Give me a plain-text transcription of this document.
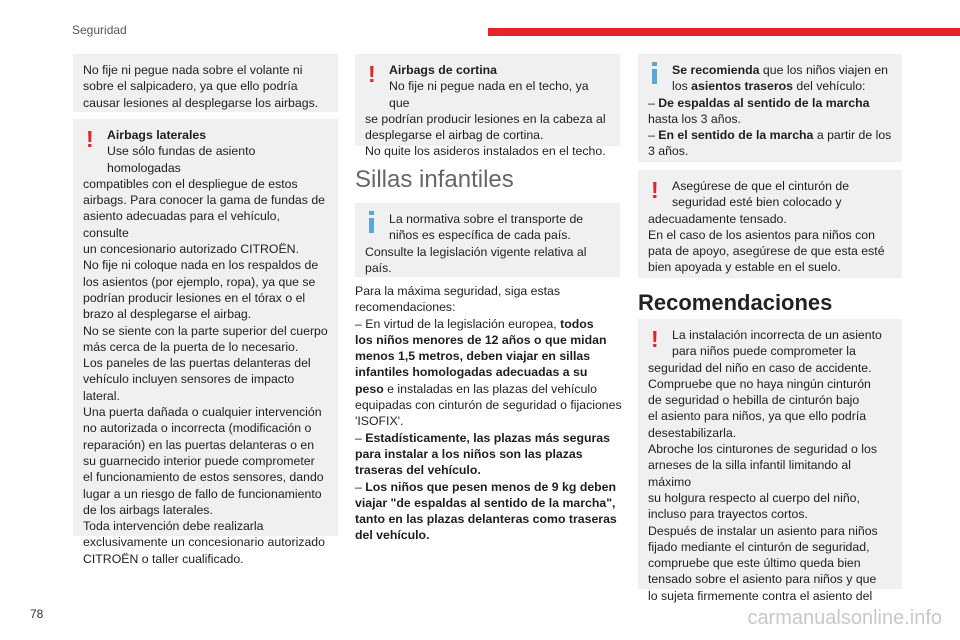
Seguridad

No fije ni pegue nada sobre el volante ni

sobre el salpicadero, ya que ello podría

causar lesiones al desplegarse los airbags.

!	Airbags laterales
Use sólo fundas de asiento homologadas

compatibles con el despliegue de estos

airbags. Para conocer la gama de fundas de

asiento adecuadas para el vehículo, consulte

un concesionario autorizado CITROËN.

No fije ni coloque nada en los respaldos de

los asientos (por ejemplo, ropa), ya que se

podrían producir lesiones en el tórax o el

brazo al desplegarse el airbag.

No se siente con la parte superior del cuerpo

más cerca de la puerta de lo necesario.

Los paneles de las puertas delanteras del

vehículo incluyen sensores de impacto

lateral.

Una puerta dañada o cualquier intervención

no autorizada o incorrecta (modificación o

reparación) en las puertas delanteras o en

su guarnecido interior puede comprometer

el funcionamiento de estos sensores, dando

lugar a un riesgo de fallo de funcionamiento

de los airbags laterales.

Toda intervención debe realizarla

exclusivamente un concesionario autorizado

CITROËN o taller cualificado.

!	Airbags de cortina
No fije ni pegue nada en el techo, ya que

se podrían producir lesiones en la cabeza al

desplegarse el airbag de cortina.

No quite los asideros instalados en el techo.

Sillas infantiles
La normativa sobre el transporte de
niños es específica de cada país.

Consulte la legislación vigente relativa al

país.

Para la máxima seguridad, siga estas

recomendaciones:

– En virtud de la legislación europea, todos

los niños menores de 12 años o que midan

menos 1,5 metros, deben viajar en sillas

infantiles homologadas adecuadas a su

peso e instaladas en las plazas del vehículo

equipadas con cinturón de seguridad o fijaciones

'ISOFIX'.

– Estadísticamente, las plazas más seguras

para instalar a los niños son las plazas

traseras del vehículo.

– Los niños que pesen menos de 9 kg deben

viajar "de espaldas al sentido de la marcha",

tanto en las plazas delanteras como traseras

del vehículo.

Se recomienda que los niños viajen en
los asientos traseros del vehículo:

– De espaldas al sentido de la marcha

hasta los 3 años.

– En el sentido de la marcha a partir de los

3 años.

!	Asegúrese de que el cinturón de
seguridad esté bien colocado y

adecuadamente tensado.

En el caso de los asientos para niños con

pata de apoyo, asegúrese de que esta esté

bien apoyada y estable en el suelo.

Recomendaciones
!	La instalación incorrecta de un asiento
para niños puede comprometer la

seguridad del niño en caso de accidente.

Compruebe que no haya ningún cinturón

de seguridad o hebilla de cinturón bajo

el asiento para niños, ya que ello podría

desestabilizarla.

Abroche los cinturones de seguridad o los

arneses de la silla infantil limitando al máximo

su holgura respecto al cuerpo del niño,

incluso para trayectos cortos.

Después de instalar un asiento para niños

fijado mediante el cinturón de seguridad,

compruebe que este último queda bien

tensado sobre el asiento para niños y que

lo sujeta firmemente contra el asiento del

78	carmanualsonline.info
